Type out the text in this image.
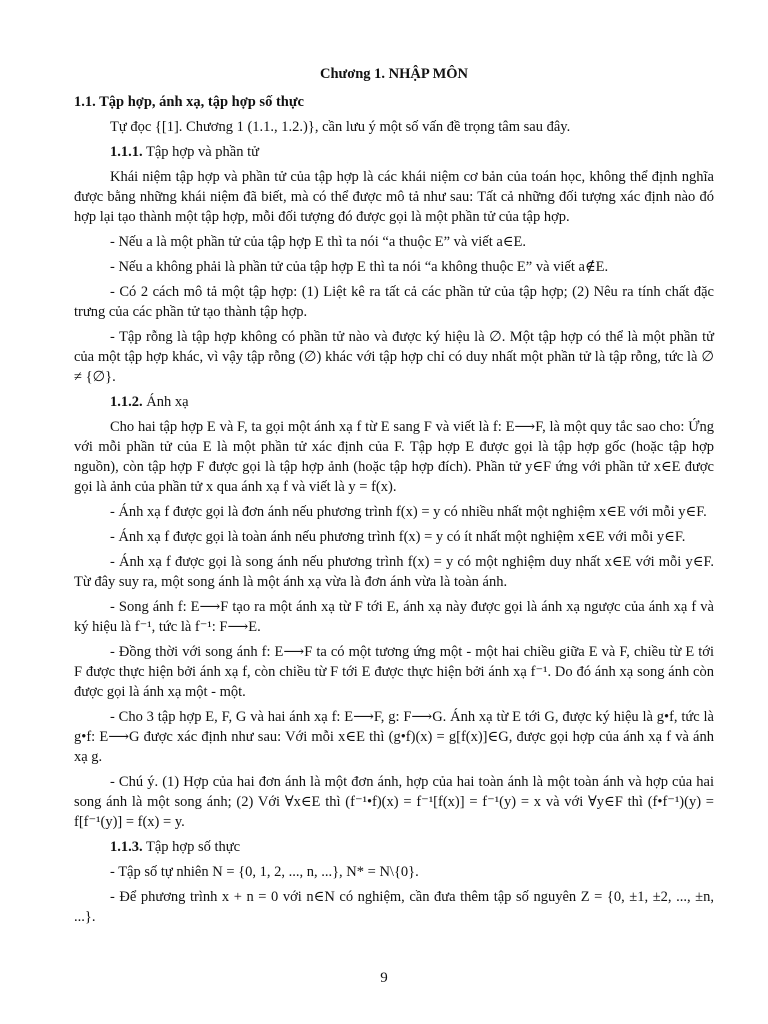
Chương 1. NHẬP MÔN
1.1. Tập hợp, ánh xạ, tập hợp số thực

Tự đọc {[1]. Chương 1 (1.1., 1.2.)}, cần lưu ý một số vấn đề trọng tâm sau đây.

1.1.1. Tập hợp và phần tử

Khái niệm tập hợp và phần tử của tập hợp là các khái niệm cơ bản của toán học, không thể định nghĩa được bằng những khái niệm đã biết, mà có thể được mô tả như sau: Tất cả những đối tượng xác định nào đó hợp lại tạo thành một tập hợp, mỗi đối tượng đó được gọi là một phần tử của tập hợp.

- Nếu a là một phần tử của tập hợp E thì ta nói “a thuộc E” và viết a∈E.

- Nếu a không phải là phần tử của tập hợp E thì ta nói “a không thuộc E” và viết a∉E.

- Có 2 cách mô tả một tập hợp: (1) Liệt kê ra tất cả các phần tử của tập hợp; (2) Nêu ra tính chất đặc trưng của các phần tử tạo thành tập hợp.

- Tập rỗng là tập hợp không có phần tử nào và được ký hiệu là ∅. Một tập hợp có thể là một phần tử của một tập hợp khác, vì vậy tập rỗng (∅) khác với tập hợp chỉ có duy nhất một phần tử là tập rỗng, tức là ∅ ≠ {∅}.

1.1.2. Ánh xạ

Cho hai tập hợp E và F, ta gọi một ánh xạ f từ E sang F và viết là f: E⟶F, là một quy tắc sao cho: Ứng với mỗi phần tử của E là một phần tử xác định của F. Tập hợp E được gọi là tập hợp gốc (hoặc tập hợp nguồn), còn tập hợp F được gọi là tập hợp ảnh (hoặc tập hợp đích). Phần tử y∈F ứng với phần tử x∈E được gọi là ảnh của phần tử x qua ánh xạ f và viết là y = f(x).

- Ánh xạ f được gọi là đơn ánh nếu phương trình f(x) = y có nhiều nhất một nghiệm x∈E với mỗi y∈F.

- Ánh xạ f được gọi là toàn ánh nếu phương trình f(x) = y có ít nhất một nghiệm x∈E với mỗi y∈F.

- Ánh xạ f được gọi là song ánh nếu phương trình f(x) = y có một nghiệm duy nhất x∈E với mỗi y∈F. Từ đây suy ra, một song ánh là một ánh xạ vừa là đơn ánh vừa là toàn ánh.

- Song ánh f: E⟶F tạo ra một ánh xạ từ F tới E, ánh xạ này được gọi là ánh xạ ngược của ánh xạ f và ký hiệu là f⁻¹, tức là f⁻¹: F⟶E.

- Đồng thời với song ánh f: E⟶F ta có một tương ứng một - một hai chiều giữa E và F, chiều từ E tới F được thực hiện bởi ánh xạ f, còn chiều từ F tới E được thực hiện bởi ánh xạ f⁻¹. Do đó ánh xạ song ánh còn được gọi là ánh xạ một - một.

- Cho 3 tập hợp E, F, G và hai ánh xạ f: E⟶F, g: F⟶G. Ánh xạ từ E tới G, được ký hiệu là g•f, tức là g•f: E⟶G được xác định như sau: Với mỗi x∈E thì (g•f)(x) = g[f(x)]∈G, được gọi hợp của ánh xạ f và ánh xạ g.

- Chú ý. (1) Hợp của hai đơn ánh là một đơn ánh, hợp của hai toàn ánh là một toàn ánh và hợp của hai song ánh là một song ánh; (2) Với ∀x∈E thì (f⁻¹•f)(x) = f⁻¹[f(x)] = f⁻¹(y) = x và với ∀y∈F thì (f•f⁻¹)(y) = f[f⁻¹(y)] = f(x) = y.

1.1.3. Tập hợp số thực

- Tập số tự nhiên N = {0, 1, 2, ..., n, ...}, N* = N\{0}.

- Để phương trình x + n = 0 với n∈N có nghiệm, cần đưa thêm tập số nguyên Z = {0, ±1, ±2, ..., ±n, ...}.

9
